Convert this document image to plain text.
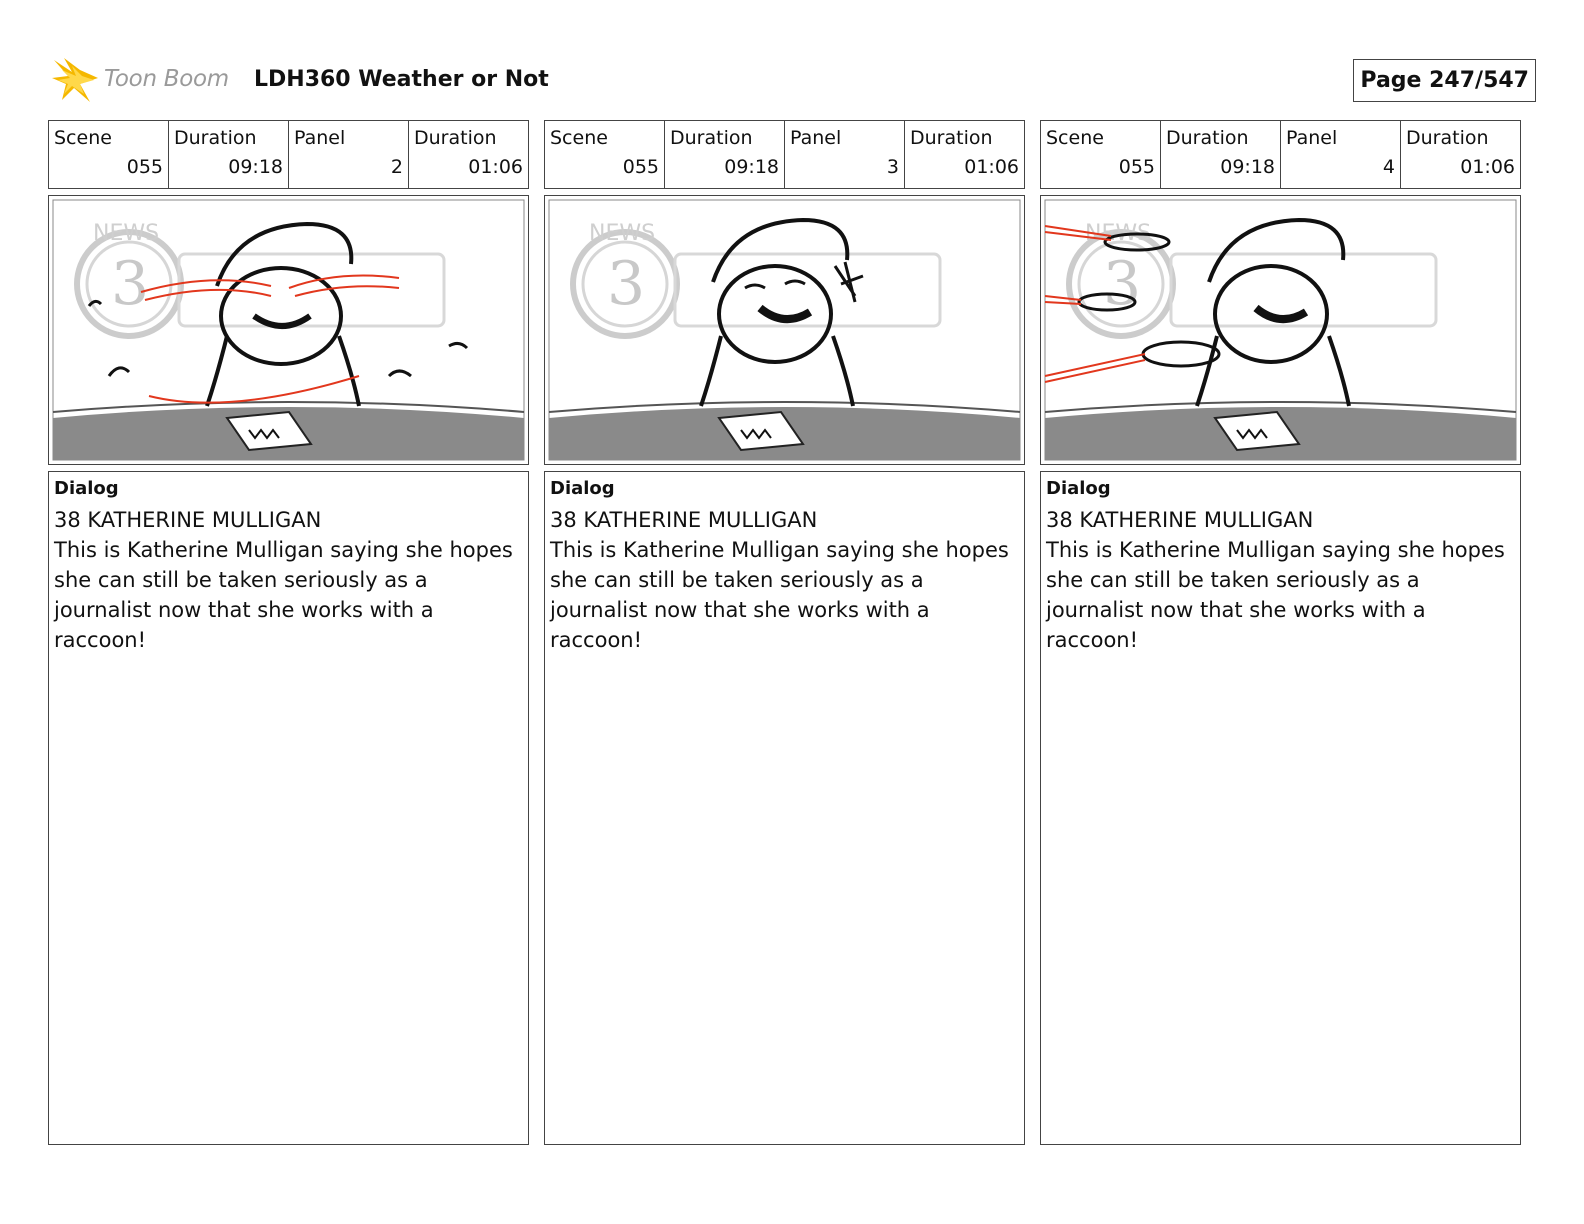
Toon Boom LDH360 Weather or Not	Page 247/547
Scene
055
Duration
09:18
Panel
2
Duration
01:06
3
NEWS
Dialog
38 KATHERINE MULLIGAN
This is Katherine Mulligan saying she hopes she can still be taken seriously as a journalist now that she works with a raccoon!
Scene
055
Duration
09:18
Panel
3
Duration
01:06
3
NEWS
Dialog
38 KATHERINE MULLIGAN
This is Katherine Mulligan saying she hopes she can still be taken seriously as a journalist now that she works with a raccoon!
Scene
055
Duration
09:18
Panel
4
Duration
01:06
3
NEWS
Dialog
38 KATHERINE MULLIGAN
This is Katherine Mulligan saying she hopes she can still be taken seriously as a journalist now that she works with a raccoon!
